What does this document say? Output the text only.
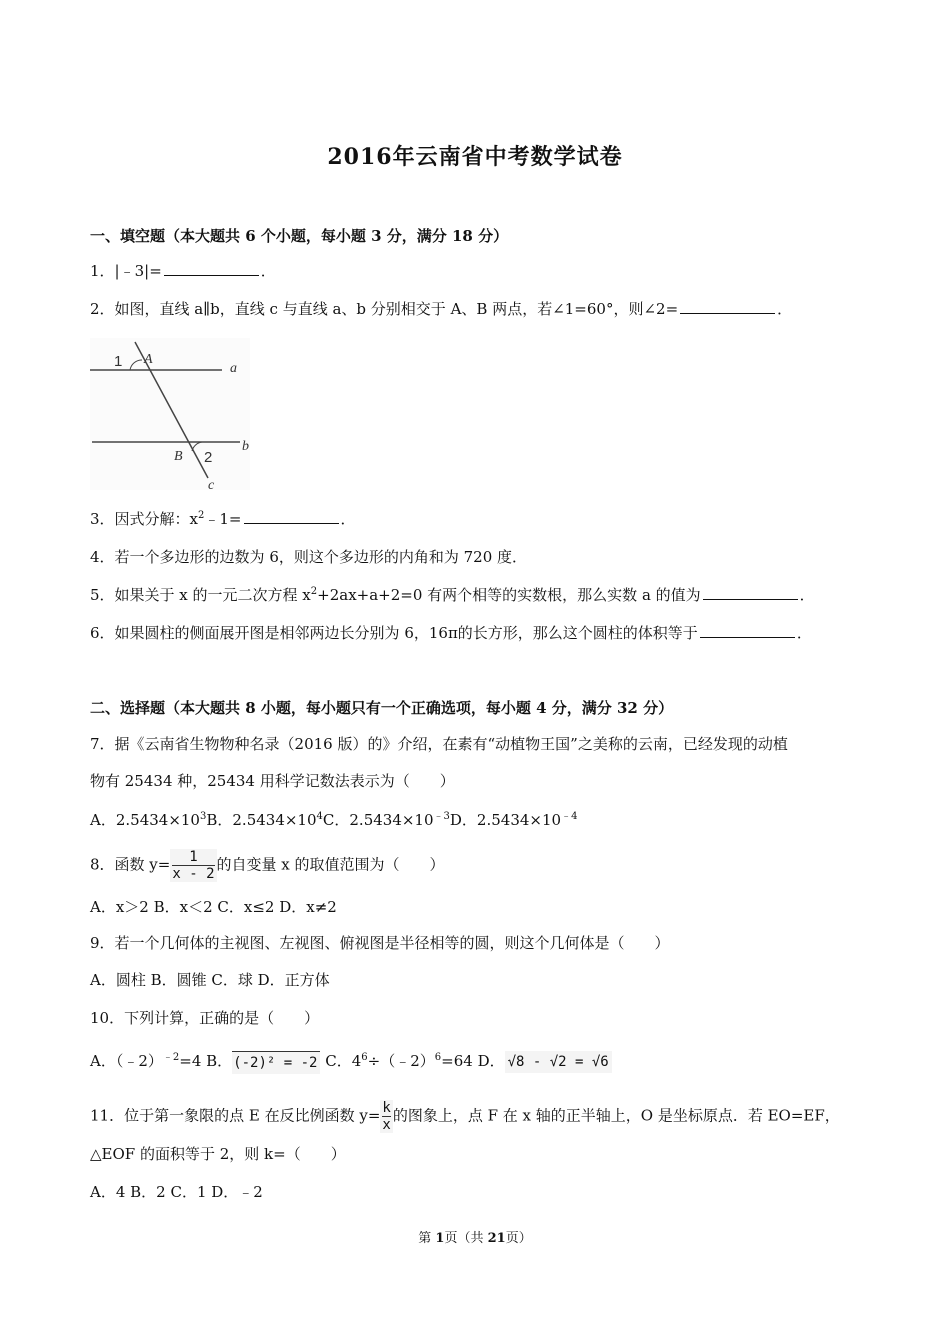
2016年云南省中考数学试卷
一、填空题（本大题共 6 个小题，每小题 3 分，满分 18 分）
1．|﹣3|=	．
2．如图，直线 a∥b，直线 c 与直线 a、b 分别相交于 A、B 两点，若∠1=60°，则∠2=	．
1 A
a
B 2
b
c
3．因式分解：$x^2﹣1=$	．
4．若一个多边形的边数为 6，则这个多边形的内角和为 720 度．
5．如果关于 x 的一元二次方程 $x^2+2ax+a+2=0$ 有两个相等的实数根，那么实数 a 的值为	．
6．如果圆柱的侧面展开图是相邻两边长分别为 6，16π的长方形，那么这个圆柱的体积等于	．
二、选择题（本大题共 8 小题，每小题只有一个正确选项，每小题 4 分，满分 32 分）
7．据《云南省生物物种名录（2016 版）的》介绍，在素有“动植物王国”之美称的云南，已经发现的动植
物有 25434 种，25434 用科学记数法表示为（　　）
A．$2.5434\times 10^3B$．$2.5434\times 10^4C$．$2.5434\times 10^{﹣3}D$．$2.5434\times 10^{﹣4}$
8．函数 $y= \frac{1}{x - 2}$ 的自变量 x 的取值范围为（　　）
A．x＞2 B．x＜2 C．x≤2 D．x≠2
9．若一个几何体的主视图、左视图、俯视图是半径相等的圆，则这个几何体是（　　）
A．圆柱 B．圆锥 C．球 D．正方体
10．下列计算，正确的是（　　）
A．（﹣2）$^{﹣2}$=4 B．(-2)² = -2 C．$4^6\div(﹣2)^6=64$ D． √8 - √2 = √6
11．位于第一象限的点 E 在反比例函数 $y= \frac{k}{x}$ 的图象上，点 F 在 x 轴的正半轴上，O 是坐标原点．若 EO=EF，
△EOF 的面积等于 2，则 k=（　　）
A．4 B．2 C．1 D．﹣2
第 1页（共 21页）
